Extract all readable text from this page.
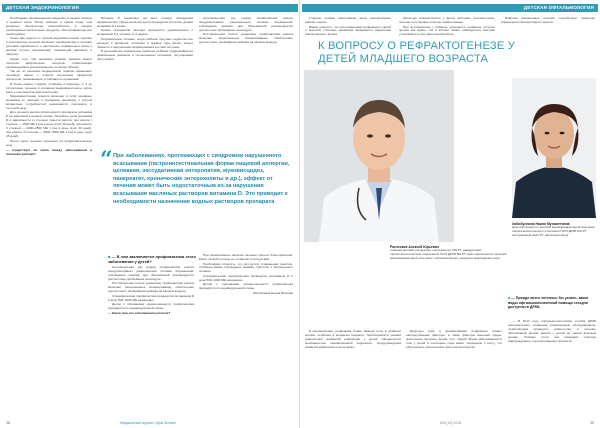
ДЕТСКАЯ ЭНДОКРИНОЛОГИЯ

Необходимо своевременное введение в рацион творога и нежного мяса. Вечер ребенок и приём пищи, чем вечернее. Желательно разнообразить в рацион необходимые питательные продукты, обеспечивающие все необходимое.

Через две недели от начала медикаментозной терапии и комплексное лечение включает профилактику и питание (условия нормального и увеличение нормального веса) и массаж (лучше криомассаж), снижающий давление и нагрузку.

Кроме того, при активном режиме ребенок может лечиться амбулаторно; контроль стабилизации рекомендуемых кратковременно по всему объёму.

Так же по решению медицинской терапии применяют лечебные ванны с хорошо изученным эффектом процессов, повышающие устойчивость организма.

В более ранних стадиях, особенно в переходе от 6 до 12 месяцев, лечение в основном медикаментозное, курсы ванн и систематический мониторинг.

Медикаментозная терапия включает в себя основные витамины D, кальций и препараты фосфора; с учётом возрастных потребностей назначаются препараты в суточной дозе.

Для лечения рахита используются препараты витамина D на масляной и водной основе. Лечебные дозы витамина D в зависимости от степени тяжести рахита: при рахите I степени — 1500 МЕ 1 раз в день (курс 30 дней), при рахите II степени — 2000–2500 МЕ 1 раз в день (курс 30 дней), при рахите III степени — 3000–4000 МЕ 1 раз в день (курс 45 дней).

После курса лечения переходят на профилактическую дозу.

— Существует ли связь между заболеванием и питанием ребенка?

Витамин D назначают на весь период проведения профилактики. Перед началом курса проводится контроль уровня витамина D в крови.

Приём препаратов кальция проводится одновременно с витамином D в течение 3–4 недель.

Неправильное питание, когда ребёнок получает недостаточно кальция и фосфора, особенно в первые годы жизни, может привести к нарушениям формирования костной системы.

В дальнейшем нормальное развитие ребёнка поддерживается правильным режимом и полноценным питанием, регулярными прогулками.

Антенатальная (до родов) профилактика рахита предусматривает рациональное питание беременной, соблюдение режима дня. Беременной рекомендуется достаточное пребывание на воздухе.

Постнатальная (после рождения) профилактика рахита включает рациональное вскармливание, обеспечение достаточного пребывания ребёнка на свежем воздухе.

“ При заболеваниях, протекающих с синдромом нарушенного всасывания (гастроинтестинальная форма пищевой аллергии, целиакия, экссудативная энтеропатия, муковисцидоз, панкреатит, хронические энтероколиты и др.), эффект от лечения может быть недостаточным из-за нарушения всасывания масляных растворов витамина D. Это приводит к необходимости назначения водных растворов препарата
■ — В чем заключается профилактика этого заболевания у детей?

Антенатальная (до родов) профилактика рахита предусматривает рациональное питание беременной, соблюдение режима дня. Беременной рекомендуется достаточное пребывание на воздухе.

Постнатальная (после рождения) профилактика рахита включает рациональное вскармливание, обеспечение достаточного пребывания ребёнка на свежем воздухе.

Специфическая профилактика проводится витамином D в дозе 500–1000 МЕ ежедневно.

Детям с признаками недоношенности профилактика проводится по индивидуальной схеме.

— Каков прогноз заболевания рахитом?

При своевременно начатом лечении прогноз благоприятный. Рахит лёгкой степени не оставляет последствий.

Необходимо отметить, что для детей, страдающих рахитом, особенно важно соблюдение режима, прогулок и полноценного питания.

Специфическая профилактика проводится витамином D в дозе 500–1000 МЕ ежедневно.

Детям с признаками недоношенности профилактика проводится по индивидуальной схеме.

Беседовала Елена Волкова

38	Медицинский журнал «Дом Жизни»
ДЕТСКАЯ ОФТАЛЬМОЛОГИЯ

стороны, снижая заболевание через определённые ранние отделы.

Важно отметить, что при изменениях рефракции у детей с высокой степенью аномалий выявляются нарушения бинокулярного зрения.

Зачастую гиперметропия у детей протекает бессимптомно, поэтому регулярные осмотры крайне важны.

При астигматизме у ребёнка отмечается снижение остроты зрения как вдаль, так и вблизи, может наблюдаться быстрая утомляемость при зрительной работе.

Вовремя назначенное лечение способствует развитию нормального бинокулярного зрения.

К ВОПРОСУ О РЕФРАКТОГЕНЕЗЕ У ДЕТЕЙ МЛАДШЕГО ВОЗРАСТА
Расческов Алексей Юрьевич
главный детский специалист офтальмолог МЗ РТ, заведующий офтальмологическим отделением ГАУЗ ДРКБ МЗ РТ, врач-офтальмолог высшей квалификационной категории, офтальмохирург, кандидат медицинских наук
Хабибуллина Наиля Мухаметовна
врач-офтальмолог высшей квалификационной категории офтальмологического отделения ГАУЗ ДРКБ МЗ РТ, заслуженный врач РТ, офтальмохирург

В рассмотрении, рефракции играет важную роль в развитии зрения, особенно в младшем возрасте. Необходимость ранней диагностики аномалий рефракции у детей определяется возможностью своевременной коррекции, предупреждения развития амблиопии и косоглазия.

Ведущую роль в формировании рефракции играют наследственные факторы, а также факторы внешней среды, зрительные нагрузки. Кроме того, общий объём заболеваемости глаз у детей в последние годы имеет тенденцию к росту, что обусловлено увеличением зрительной нагрузки.

■ — Прежде всего хотелось бы узнать, какие виды офтальмологической помощи сегодня доступны в ДРКБ.

— В 2017 году офтальмологическая служба ДРКБ дополнительно оснащена современным оборудованием, позволяющим проводить диагностику и лечение заболеваний органа зрения у детей на самом высоком уровне. Помимо этого, мы проводим осмотры новорождённых и детей младшего возраста.

№6 (18) 2018	39
